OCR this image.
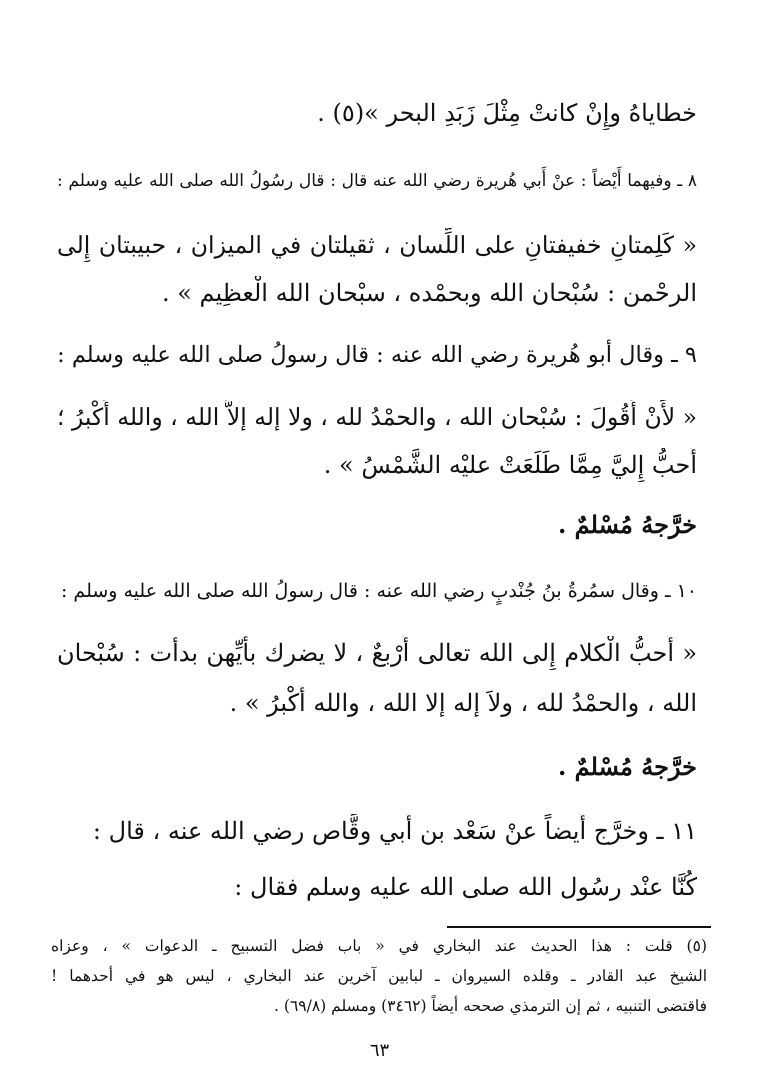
خطاياهُ وإِنْ كانتْ مِثْلَ زَبَدِ البحر »(٥) .
٨ ـ وفيهما أَيْضاً : عنْ أَبي هُريرة رضي الله عنه قال : قال رسُولُ الله صلى الله عليه وسلم :
« كَلِمتانِ خفيفتانِ على اللِّسان ، ثقيلتان في الميزان ، حبيبتان إِلى
الرحْمن : سُبْحان الله وبحمْده ، سبْحان الله الْعظِيم » .
٩ ـ وقال أبو هُريرة رضي الله عنه : قال رسولُ صلى الله عليه وسلم :
« لأَنْ أَقُولَ : سُبْحان الله ، والحمْدُ لله ، ولا إله إلاَّ الله ، والله أَكْبرُ ؛
أَحبُّ إِليَّ مِمَّا طَلَعَتْ عليْه الشَّمْسُ » .
خرَّجهُ مُسْلمٌ .
١٠ ـ وقال سمُرةُ بنُ جُنْدبٍ رضي الله عنه : قال رسولُ الله صلى الله عليه وسلم :
« أَحبُّ الْكلام إِلى الله تعالى أَرْبعٌ ، لا يضرك بأَيِّهن بدأْت : سُبْحان
الله ، والحمْدُ لله ، ولاَ إله إلا الله ، والله أَكْبرُ » .
خرَّجهُ مُسْلمٌ .
١١ ـ وخرَّج أَيضاً عنْ سَعْد بن أَبي وقَّاص رضي الله عنه ، قال :
كُنَّا عنْد رسُول الله صلى الله عليه وسلم فقال :
(٥) قلت : هذا الحديث عند البخاري في « باب فضل التسبيح ـ الدعوات » ، وعزاه
الشيخ عبد القادر ـ وقلده السيروان ـ لبابين آخرين عند البخاري ، ليس هو في أحدهما !
فاقتضى التنبيه ، ثم إن الترمذي صححه أيضاً (٣٤٦٢) ومسلم (٦٩/٨) .
٦٣
